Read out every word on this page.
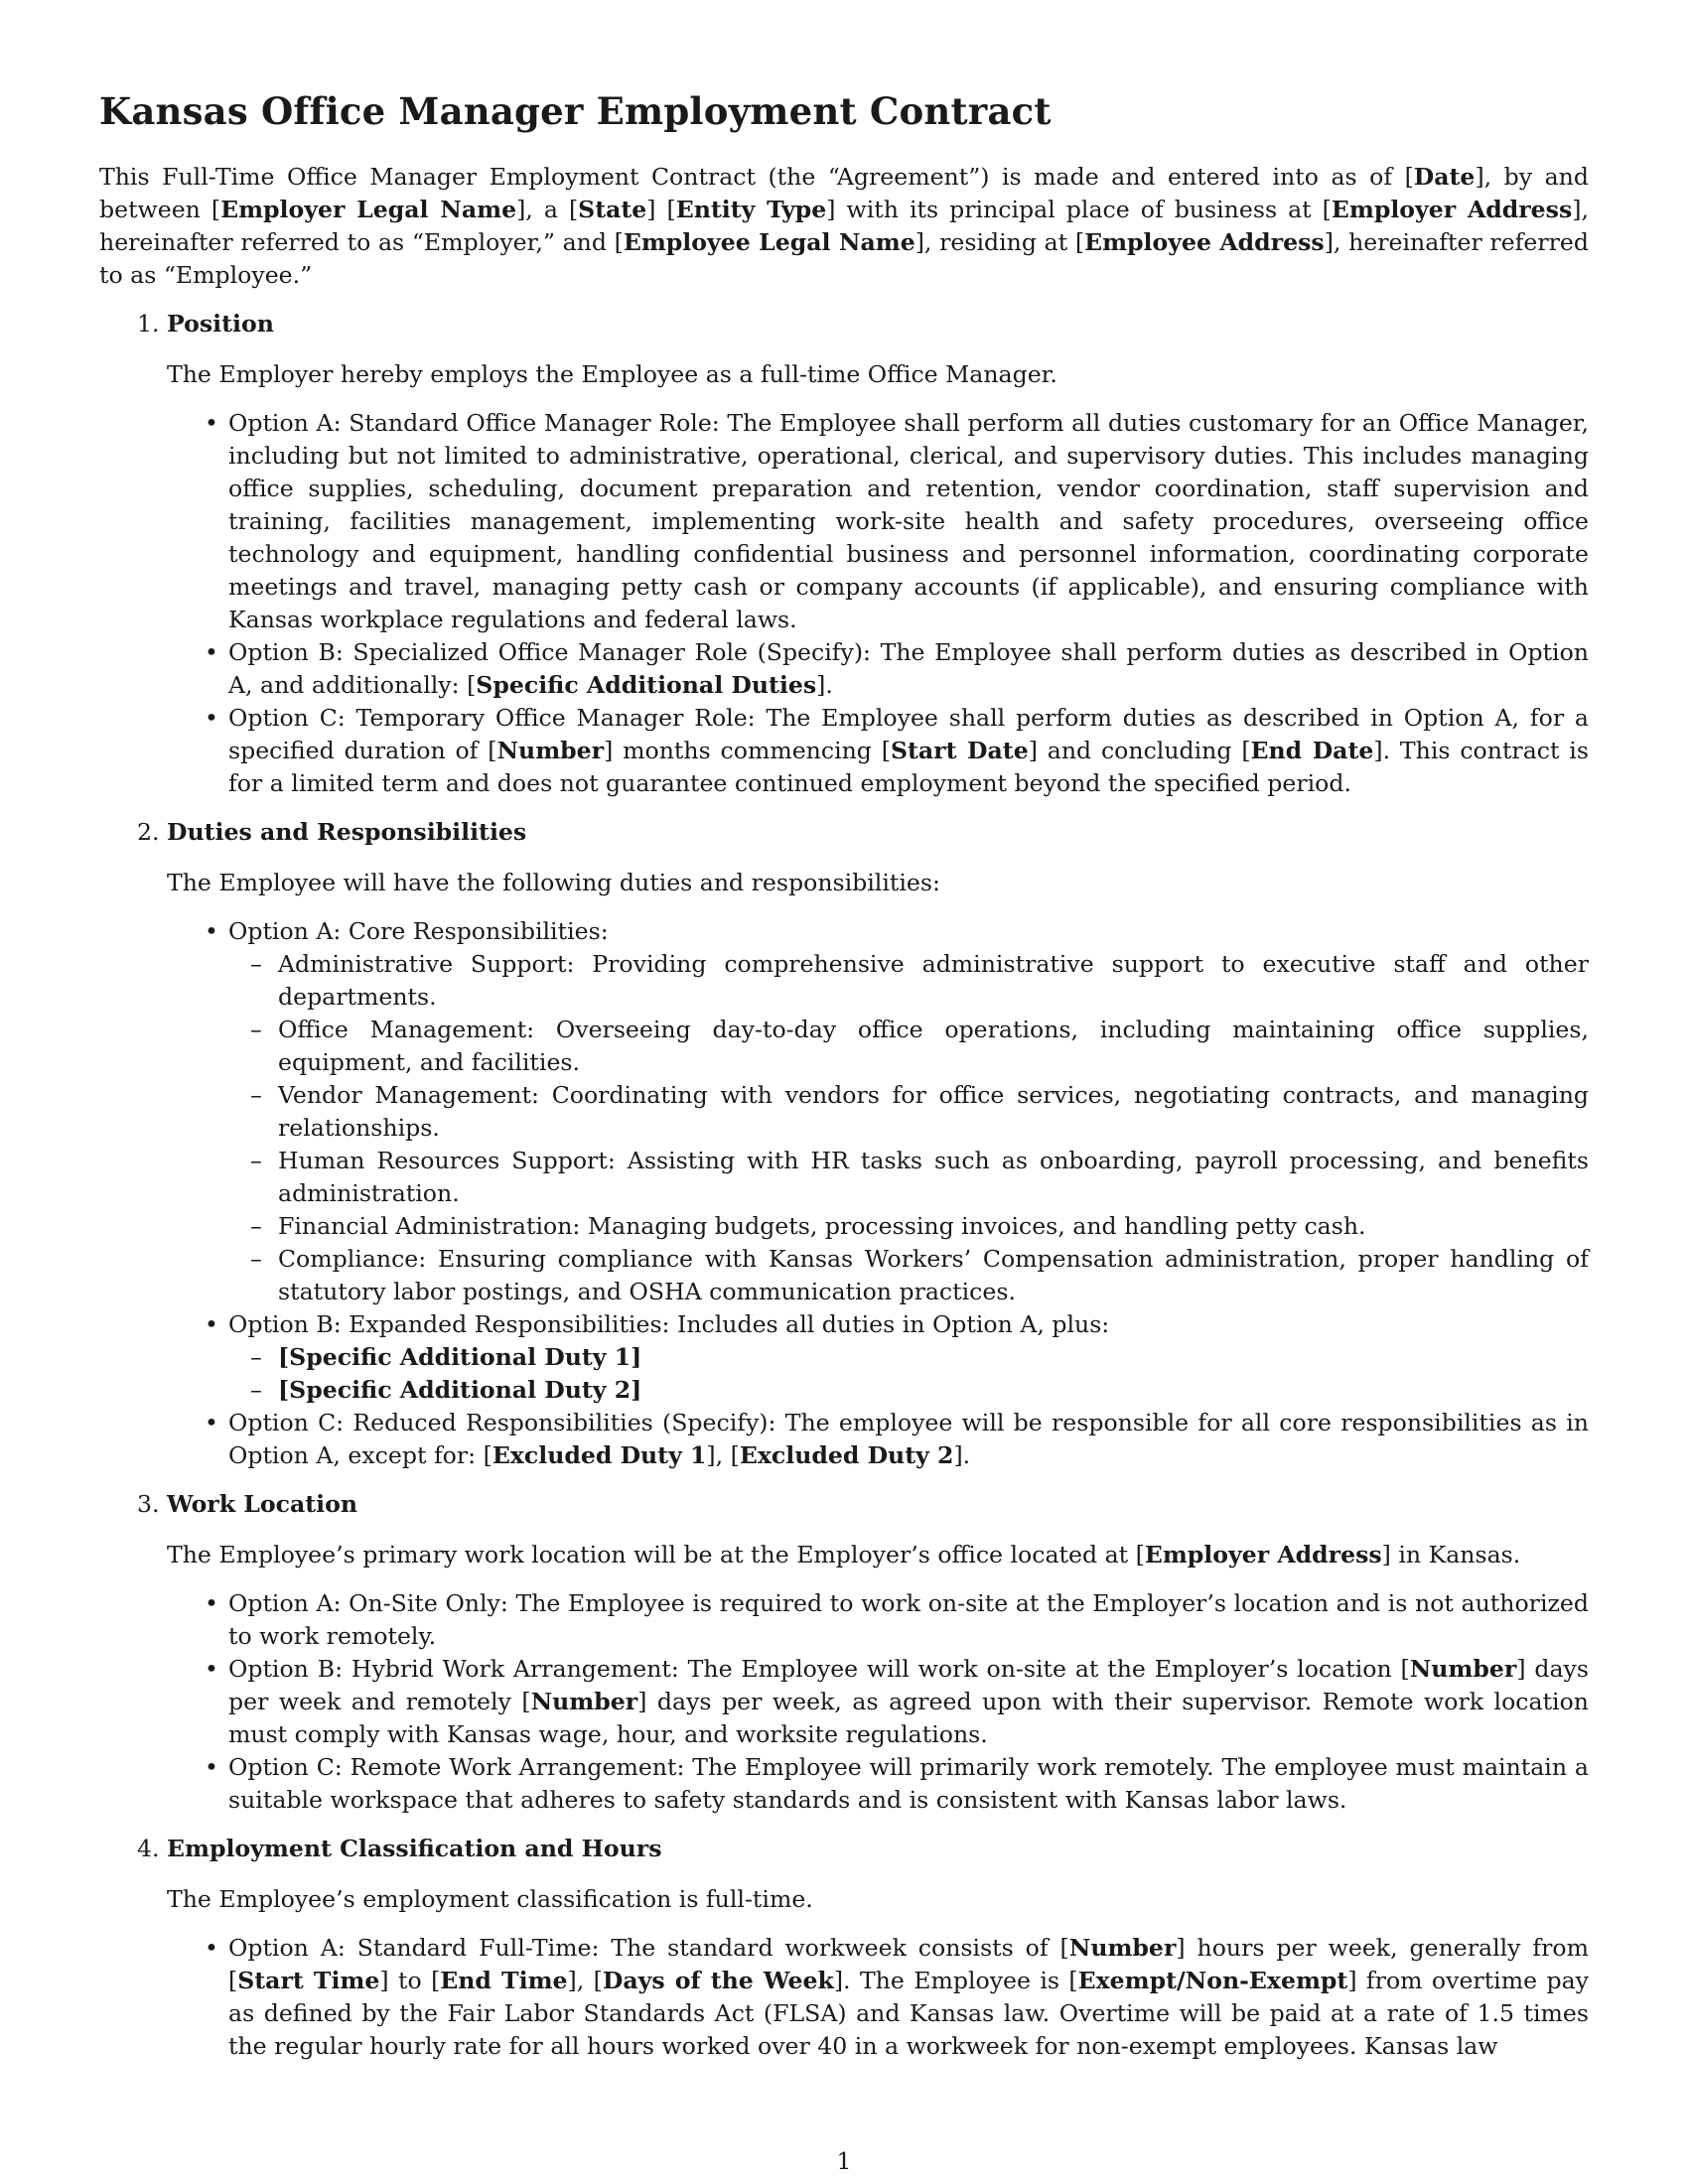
Kansas Office Manager Employment Contract

This Full-Time Office Manager Employment Contract (the “Agreement”) is made and entered into as of [Date], by and between [Employer Legal Name], a [State] [Entity Type] with its principal place of business at [Employer Address], hereinafter referred to as “Employer,” and [Employee Legal Name], residing at [Employee Address], hereinafter referred to as “Employee.”

1. Position

The Employer hereby employs the Employee as a full-time Office Manager.

• Option A: Standard Office Manager Role: The Employee shall perform all duties customary for an Office Manager, including but not limited to administrative, operational, clerical, and supervisory duties. This includes managing office supplies, scheduling, document preparation and retention, vendor coordination, staff supervision and training, facilities management, implementing work-site health and safety procedures, overseeing office technology and equipment, handling confidential business and personnel information, coordinating corporate meetings and travel, managing petty cash or company accounts (if applicable), and ensuring compliance with Kansas workplace regulations and federal laws.
• Option B: Specialized Office Manager Role (Specify): The Employee shall perform duties as described in Option A, and additionally: [Specific Additional Duties].
• Option C: Temporary Office Manager Role: The Employee shall perform duties as described in Option A, for a specified duration of [Number] months commencing [Start Date] and concluding [End Date]. This contract is for a limited term and does not guarantee continued employment beyond the specified period.
2. Duties and Responsibilities

The Employee will have the following duties and responsibilities:

• Option A: Core Responsibilities:
– Administrative Support: Providing comprehensive administrative support to executive staff and other departments.
– Office Management: Overseeing day-to-day office operations, including maintaining office supplies, equipment, and facilities.
– Vendor Management: Coordinating with vendors for office services, negotiating contracts, and managing relationships.
– Human Resources Support: Assisting with HR tasks such as onboarding, payroll processing, and benefits administration.
– Financial Administration: Managing budgets, processing invoices, and handling petty cash.
– Compliance: Ensuring compliance with Kansas Workers’ Compensation administration, proper handling of statutory labor postings, and OSHA communication practices.
• Option B: Expanded Responsibilities: Includes all duties in Option A, plus:
– [Specific Additional Duty 1]
– [Specific Additional Duty 2]
• Option C: Reduced Responsibilities (Specify): The employee will be responsible for all core responsibilities as in Option A, except for: [Excluded Duty 1], [Excluded Duty 2].
3. Work Location

The Employee’s primary work location will be at the Employer’s office located at [Employer Address] in Kansas.

• Option A: On-Site Only: The Employee is required to work on-site at the Employer’s location and is not authorized to work remotely.
• Option B: Hybrid Work Arrangement: The Employee will work on-site at the Employer’s location [Number] days per week and remotely [Number] days per week, as agreed upon with their supervisor. Remote work location must comply with Kansas wage, hour, and worksite regulations.
• Option C: Remote Work Arrangement: The Employee will primarily work remotely. The employee must maintain a suitable workspace that adheres to safety standards and is consistent with Kansas labor laws.
4. Employment Classification and Hours

The Employee’s employment classification is full-time.

• Option A: Standard Full-Time: The standard workweek consists of [Number] hours per week, generally from [Start Time] to [End Time], [Days of the Week]. The Employee is [Exempt/Non-Exempt] from overtime pay as defined by the Fair Labor Standards Act (FLSA) and Kansas law. Overtime will be paid at a rate of 1.5 times the regular hourly rate for all hours worked over 40 in a workweek for non-exempt employees. Kansas law
1
